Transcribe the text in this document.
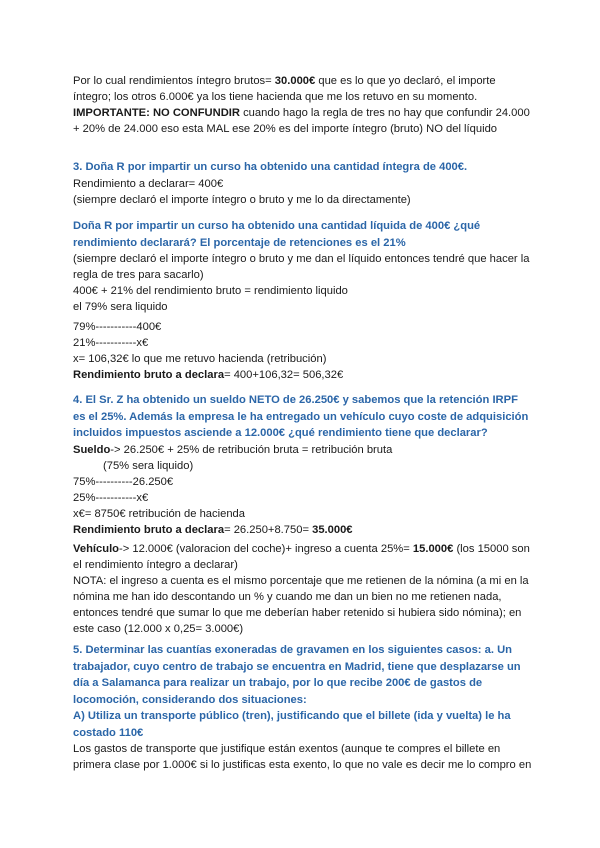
Por lo cual rendimientos íntegro brutos= 30.000€ que es lo que yo declaró, el importe
íntegro; los otros 6.000€ ya los tiene hacienda que me los retuvo en su momento.
IMPORTANTE: NO CONFUNDIR cuando hago la regla de tres no hay que confundir 24.000
+ 20% de 24.000 eso esta MAL ese 20% es del importe íntegro (bruto) NO del líquido
3. Doña R por impartir un curso ha obtenido una cantidad íntegra de 400€.
Rendimiento a declarar= 400€
(siempre declaró el importe íntegro o bruto y me lo da directamente)
Doña R por impartir un curso ha obtenido una cantidad líquida de 400€ ¿qué
rendimiento declarará? El porcentaje de retenciones es el 21%
(siempre declaró el importe íntegro o bruto y me dan el líquido entonces tendré que hacer la
regla de tres para sacarlo)
400€ + 21% del rendimiento bruto = rendimiento liquido
el 79% sera liquido
79%-----------400€
21%-----------x€
x= 106,32€ lo que me retuvo hacienda (retribución)
Rendimiento bruto a declara= 400+106,32= 506,32€
4. El Sr. Z ha obtenido un sueldo NETO de 26.250€ y sabemos que la retención IRPF
es el 25%. Además la empresa le ha entregado un vehículo cuyo coste de adquisición
incluidos impuestos asciende a 12.000€ ¿qué rendimiento tiene que declarar?
Sueldo-> 26.250€ + 25% de retribución bruta = retribución bruta
(75% sera liquido)
75%----------26.250€
25%-----------x€
x€= 8750€ retribución de hacienda
Rendimiento bruto a declara= 26.250+8.750= 35.000€
Vehículo-> 12.000€ (valoracion del coche)+ ingreso a cuenta 25%= 15.000€ (los 15000 son
el rendimiento íntegro a declarar)
NOTA: el ingreso a cuenta es el mismo porcentaje que me retienen de la nómina (a mi en la
nómina me han ido descontando un % y cuando me dan un bien no me retienen nada,
entonces tendré que sumar lo que me deberían haber retenido si hubiera sido nómina); en
este caso (12.000 x 0,25= 3.000€)
5. Determinar las cuantías exoneradas de gravamen en los siguientes casos: a. Un
trabajador, cuyo centro de trabajo se encuentra en Madrid, tiene que desplazarse un
día a Salamanca para realizar un trabajo, por lo que recibe 200€ de gastos de
locomoción, considerando dos situaciones:
A) Utiliza un transporte público (tren), justificando que el billete (ida y vuelta) le ha
costado 110€
Los gastos de transporte que justifique están exentos (aunque te compres el billete en
primera clase por 1.000€ si lo justificas esta exento, lo que no vale es decir me lo compro en
